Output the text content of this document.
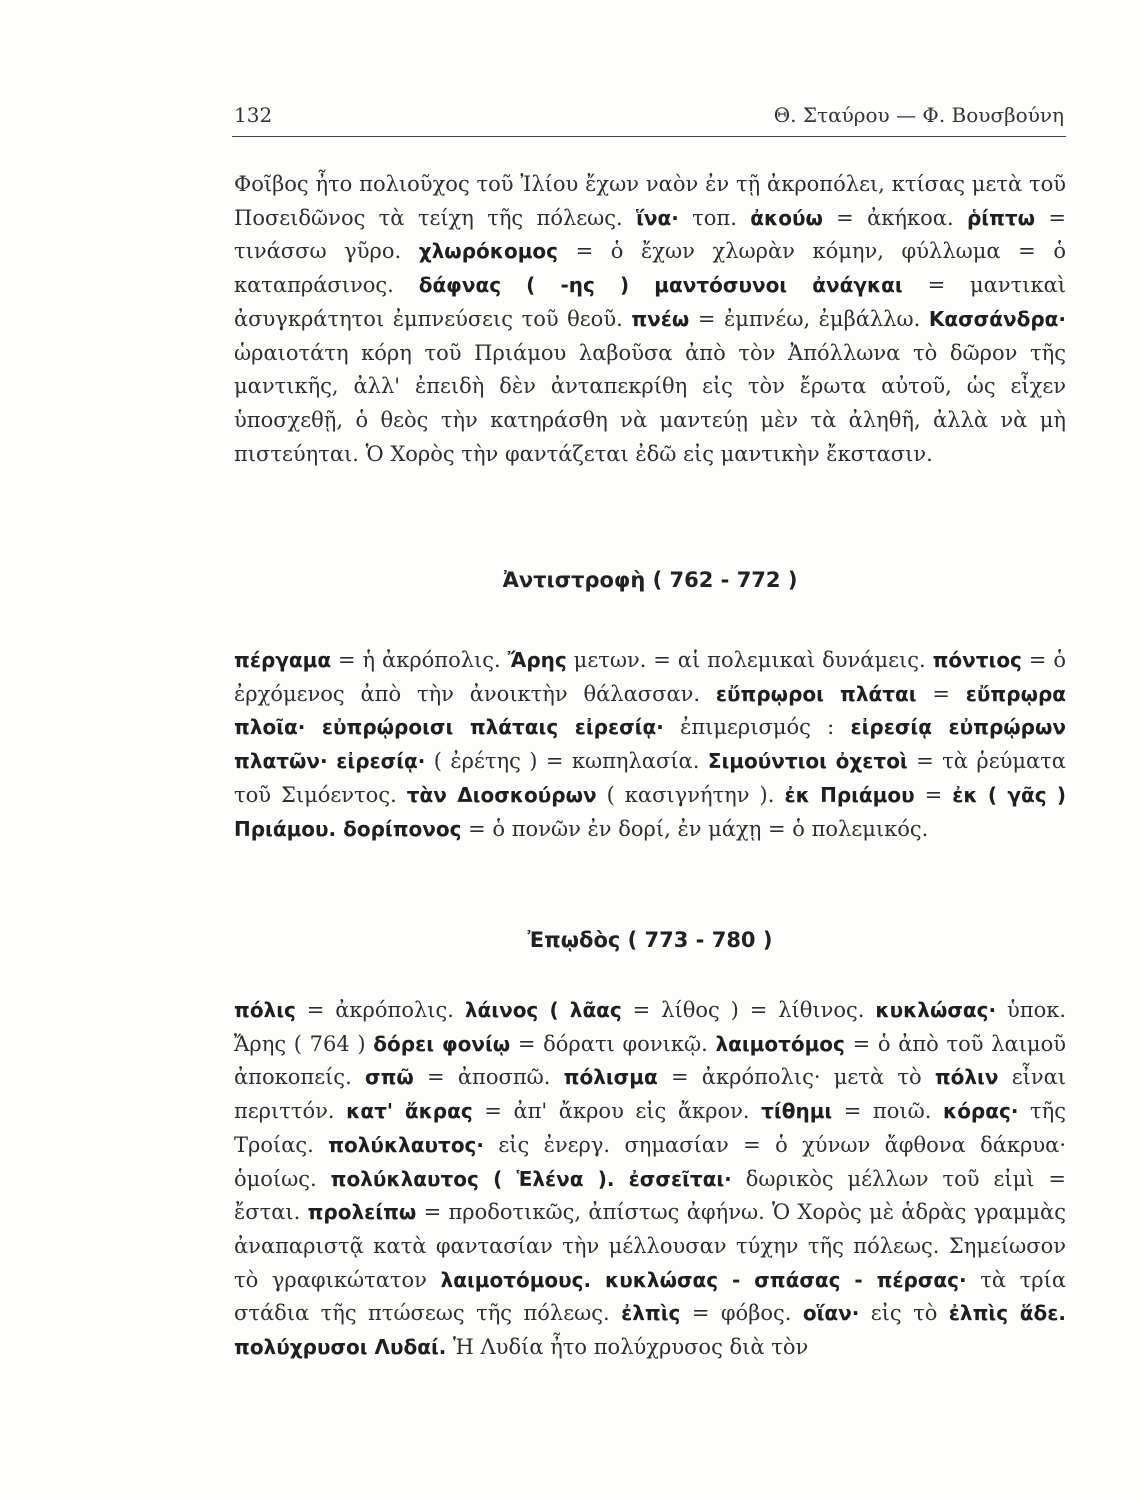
132	Θ. Σταύρου — Φ. Βουσβούνη
Φοῖβος ἦτο πολιοῦχος τοῦ Ἰλίου ἔχων ναὸν ἐν τῇ ἀκροπόλει, κτίσας μετὰ τοῦ Ποσειδῶνος τὰ τείχη τῆς πόλεως. ἵνα· τοπ. ἀκούω = ἀκήκοα. ῥίπτω = τινάσσω γῦρο. χλωρόκομος = ὁ ἔχων χλωρὰν κόμην, φύλλωμα = ὁ καταπράσινος. δάφνας ( -ης ) μαντόσυνοι ἀνάγκαι = μαντικαὶ ἀσυγκράτητοι ἐμπνεύσεις τοῦ θεοῦ. πνέω = ἐμπνέω, ἐμβάλλω. Κασσάνδρα· ὡραιοτάτη κόρη τοῦ Πριάμου λαβοῦσα ἀπὸ τὸν Ἀπόλλωνα τὸ δῶρον τῆς μαντικῆς, ἀλλ' ἐπειδὴ δὲν ἀνταπεκρίθη εἰς τὸν ἔρωτα αὐτοῦ, ὡς εἶχεν ὑποσχεθῇ, ὁ θεὸς τὴν κατηράσθη νὰ μαντεύῃ μὲν τὰ ἀληθῆ, ἀλλὰ νὰ μὴ πιστεύηται. Ὁ Χορὸς τὴν φαντάζεται ἐδῶ εἰς μαντικὴν ἔκστασιν.
Ἀντιστροφὴ ( 762 - 772 )
πέργαμα = ἡ ἀκρόπολις. Ἄρης μετων. = αἱ πολεμικαὶ δυνάμεις. πόντιος = ὁ ἐρχόμενος ἀπὸ τὴν ἀνοικτὴν θάλασσαν. εὔπρῳροι πλάται = εὔπρῳρα πλοῖα· εὐπρῴροισι πλάταις εἰρεσίᾳ· ἐπιμερισμός : εἰρεσίᾳ εὐπρῴρων πλατῶν· εἰρεσίᾳ· ( ἐρέτης ) = κωπηλασία. Σιμούντιοι ὀχετοὶ = τὰ ῥεύματα τοῦ Σιμόεντος. τὰν Διοσκούρων ( κασιγνήτην ). ἐκ Πριάμου = ἐκ ( γᾶς ) Πριάμου. δορίπονος = ὁ πονῶν ἐν δορί, ἐν μάχῃ = ὁ πολεμικός.
Ἐπῳδὸς ( 773 - 780 )
πόλις = ἀκρόπολις. λάινος ( λᾶας = λίθος ) = λίθινος. κυκλώσας· ὑποκ. Ἄρης ( 764 ) δόρει φονίῳ = δόρατι φονικῷ. λαιμοτόμος = ὁ ἀπὸ τοῦ λαιμοῦ ἀποκοπείς. σπῶ = ἀποσπῶ. πόλισμα = ἀκρόπολις· μετὰ τὸ πόλιν εἶναι περιττόν. κατ' ἄκρας = ἀπ' ἄκρου εἰς ἄκρον. τίθημι = ποιῶ. κόρας· τῆς Τροίας. πολύκλαυτος· εἰς ἐνεργ. σημασίαν = ὁ χύνων ἄφθονα δάκρυα· ὁμοίως. πολύκλαυτος ( Ἑλένα ). ἐσσεῖται· δωρικὸς μέλλων τοῦ εἰμὶ = ἔσται. προλείπω = προδοτικῶς, ἀπίστως ἀφήνω. Ὁ Χορὸς μὲ ἁδρὰς γραμμὰς ἀναπαριστᾷ κατὰ φαντασίαν τὴν μέλλουσαν τύχην τῆς πόλεως. Σημείωσον τὸ γραφικώτατον λαιμοτόμους. κυκλώσας - σπάσας - πέρσας· τὰ τρία στάδια τῆς πτώσεως τῆς πόλεως. ἐλπὶς = φόβος. οἵαν· εἰς τὸ ἐλπὶς ἅδε. πολύχρυσοι Λυδαί. Ἡ Λυδία ἦτο πολύχρυσος διὰ τὸν
